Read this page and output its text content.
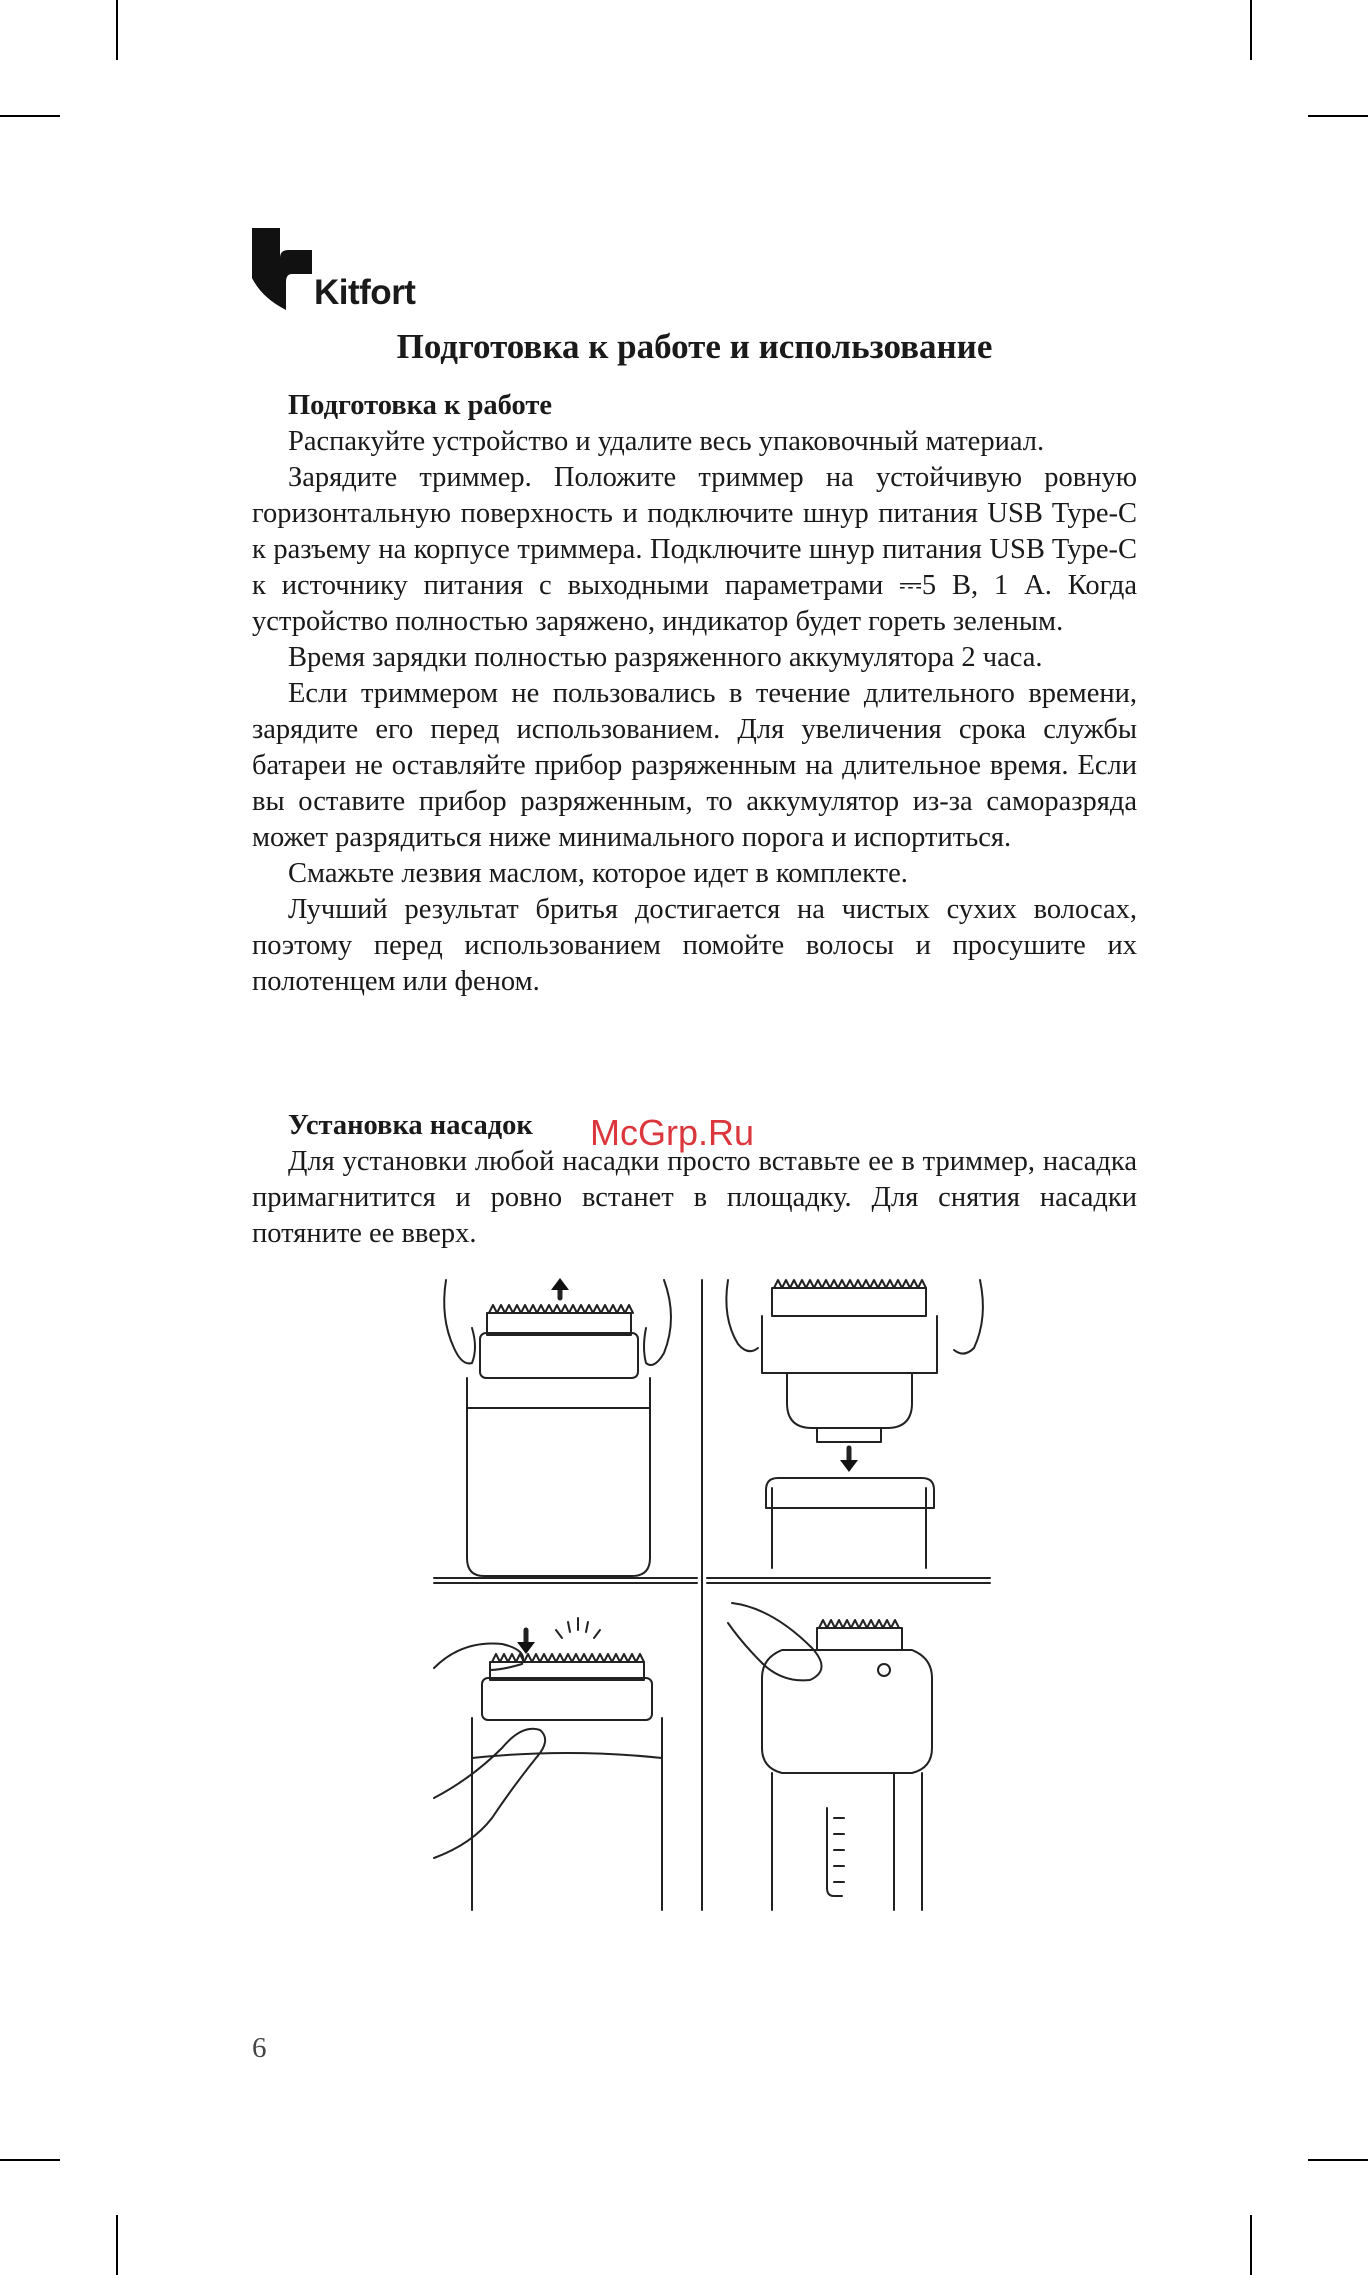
Kitfort
Подготовка к работе и использование

Подготовка к работе

Распакуйте устройство и удалите весь упаковочный материал.

Зарядите триммер. Положите триммер на устойчивую ровную горизонтальную поверхность и подключите шнур питания USB Type-C к разъему на корпусе триммера. Подключите шнур питания USB Type-C к источнику питания с выходными параметрами ⎓5 В, 1 А. Когда устройство полностью заряжено, индикатор будет гореть зеленым.

Время зарядки полностью разряженного аккумулятора 2 часа.

Если триммером не пользовались в течение длительного времени, зарядите его перед использованием. Для увеличения срока службы батареи не оставляйте прибор разряженным на длительное время. Если вы оставите прибор разряженным, то аккумулятор из-за саморазряда может разрядиться ниже минимального порога и испортиться.

Смажьте лезвия маслом, которое идет в комплекте.

Лучший результат бритья достигается на чистых сухих волосах, поэтому перед использованием помойте волосы и просушите их полотенцем или феном.

Установка насадок

Для установки любой насадки просто вставьте ее в триммер, насадка примагнитится и ровно встанет в площадку. Для снятия насадки потяните ее вверх.

McGrp.Ru
6
